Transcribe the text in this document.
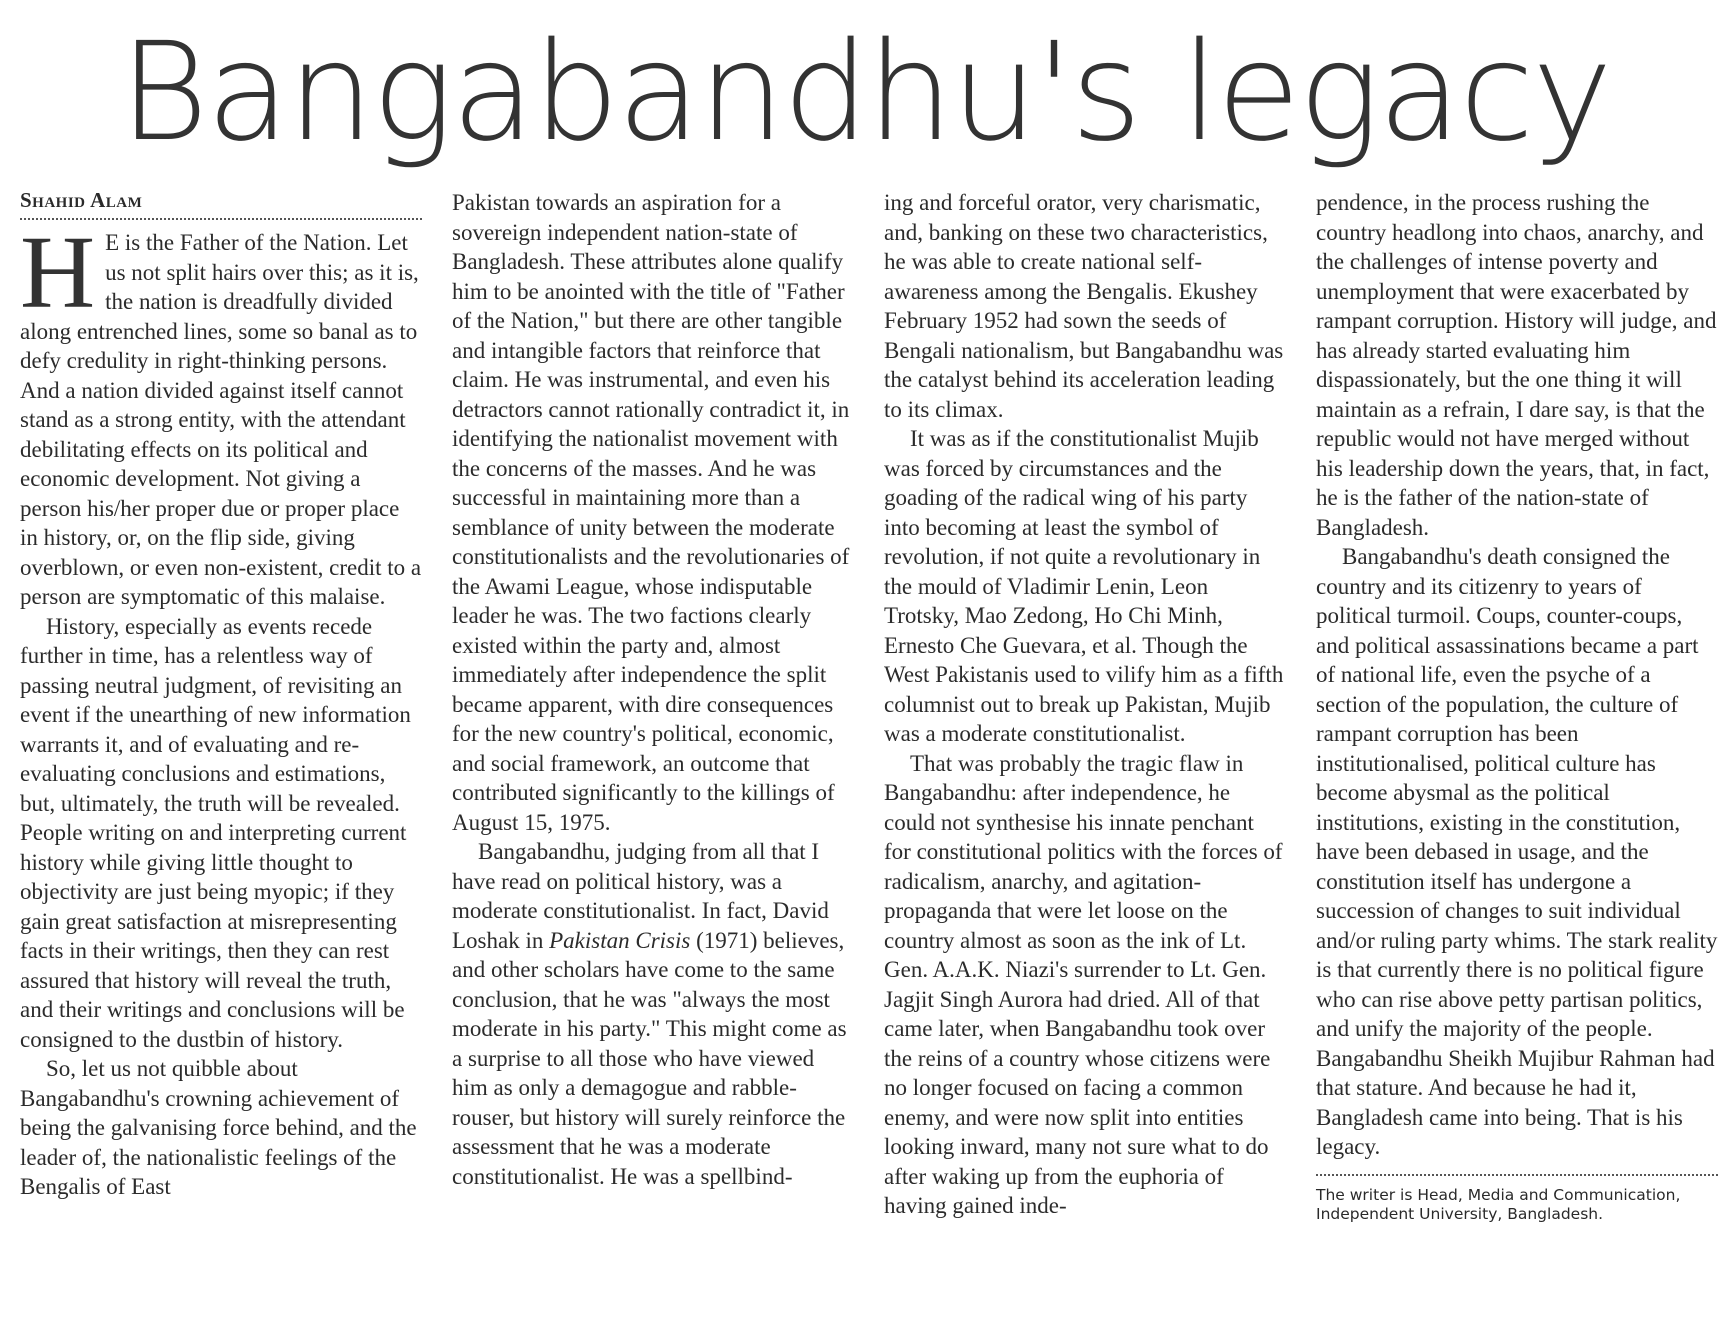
Bangabandhu's legacy
Shahid Alam

H E is the Father of the Nation. Let us not split hairs over this; as it is, the nation is dreadfully divided along entrenched lines, some so banal as to defy credulity in right-thinking persons. And a nation divided against itself cannot stand as a strong entity, with the attendant debilitating effects on its political and economic development. Not giving a person his/her proper due or proper place in history, or, on the flip side, giving overblown, or even non-existent, credit to a person are symptomatic of this malaise.

History, especially as events recede further in time, has a relentless way of passing neutral judgment, of revisiting an event if the unearthing of new information warrants it, and of evaluating and re-evaluating conclusions and estimations, but, ultimately, the truth will be revealed. People writing on and interpreting current history while giving little thought to objectivity are just being myopic; if they gain great satisfaction at misrepresenting facts in their writings, then they can rest assured that history will reveal the truth, and their writings and conclusions will be consigned to the dustbin of history.

So, let us not quibble about Bangabandhu's crowning achievement of being the galvanising force behind, and the leader of, the nationalistic feelings of the Bengalis of East

Pakistan towards an aspiration for a sovereign independent nation-state of Bangladesh. These attributes alone qualify him to be anointed with the title of "Father of the Nation," but there are other tangible and intangible factors that reinforce that claim. He was instrumental, and even his detractors cannot rationally contradict it, in identifying the nationalist movement with the concerns of the masses. And he was successful in maintaining more than a semblance of unity between the moderate constitutionalists and the revolutionaries of the Awami League, whose indisputable leader he was. The two factions clearly existed within the party and, almost immediately after independence the split became apparent, with dire consequences for the new country's political, economic, and social framework, an outcome that contributed significantly to the killings of August 15, 1975.

Bangabandhu, judging from all that I have read on political history, was a moderate constitutionalist. In fact, David Loshak in Pakistan Crisis (1971) believes, and other scholars have come to the same conclusion, that he was "always the most moderate in his party." This might come as a surprise to all those who have viewed him as only a demagogue and rabble-rouser, but history will surely reinforce the assessment that he was a moderate constitutionalist. He was a spellbind-

ing and forceful orator, very charismatic, and, banking on these two characteristics, he was able to create national self-awareness among the Bengalis. Ekushey February 1952 had sown the seeds of Bengali nationalism, but Bangabandhu was the catalyst behind its acceleration leading to its climax.

It was as if the constitutionalist Mujib was forced by circumstances and the goading of the radical wing of his party into becoming at least the symbol of revolution, if not quite a revolutionary in the mould of Vladimir Lenin, Leon Trotsky, Mao Zedong, Ho Chi Minh, Ernesto Che Guevara, et al. Though the West Pakistanis used to vilify him as a fifth columnist out to break up Pakistan, Mujib was a moderate constitutionalist.

That was probably the tragic flaw in Bangabandhu: after independence, he could not synthesise his innate penchant for constitutional politics with the forces of radicalism, anarchy, and agitation-propaganda that were let loose on the country almost as soon as the ink of Lt. Gen. A.A.K. Niazi's surrender to Lt. Gen. Jagjit Singh Aurora had dried. All of that came later, when Bangabandhu took over the reins of a country whose citizens were no longer focused on facing a common enemy, and were now split into entities looking inward, many not sure what to do after waking up from the euphoria of having gained inde-

pendence, in the process rushing the country headlong into chaos, anarchy, and the challenges of intense poverty and unemployment that were exacerbated by rampant corruption. History will judge, and has already started evaluating him dispassionately, but the one thing it will maintain as a refrain, I dare say, is that the republic would not have merged without his leadership down the years, that, in fact, he is the father of the nation-state of Bangladesh.

Bangabandhu's death consigned the country and its citizenry to years of political turmoil. Coups, counter-coups, and political assassinations became a part of national life, even the psyche of a section of the population, the culture of rampant corruption has been institutionalised, political culture has become abysmal as the political institutions, existing in the constitution, have been debased in usage, and the constitution itself has undergone a succession of changes to suit individual and/or ruling party whims. The stark reality is that currently there is no political figure who can rise above petty partisan politics, and unify the majority of the people. Bangabandhu Sheikh Mujibur Rahman had that stature. And because he had it, Bangladesh came into being. That is his legacy.

The writer is Head, Media and Communication,
Independent University, Bangladesh.
